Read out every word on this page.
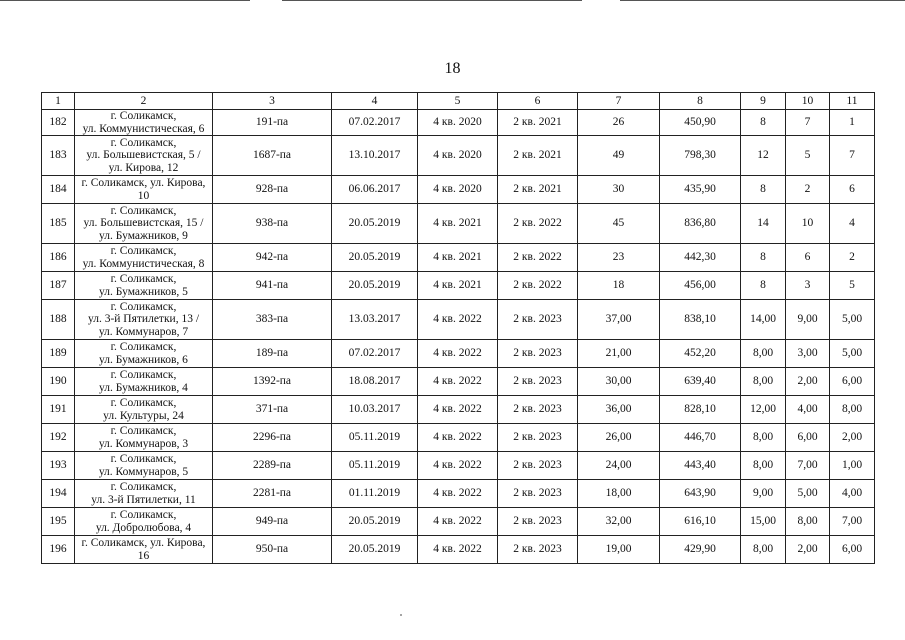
18
1	2	3	4	5	6	7	8	9	10	11
182	г. Соликамск,
ул. Коммунистическая, 6	191-па	07.02.2017	4 кв. 2020	2 кв. 2021	26	450,90	8	7	1
183	г. Соликамск,
ул. Большевистская, 5 /
ул. Кирова, 12	1687-па	13.10.2017	4 кв. 2020	2 кв. 2021	49	798,30	12	5	7
184	г. Соликамск, ул. Кирова,
10	928-па	06.06.2017	4 кв. 2020	2 кв. 2021	30	435,90	8	2	6
185	г. Соликамск,
ул. Большевистская, 15 /
ул. Бумажников, 9	938-па	20.05.2019	4 кв. 2021	2 кв. 2022	45	836,80	14	10	4
186	г. Соликамск,
ул. Коммунистическая, 8	942-па	20.05.2019	4 кв. 2021	2 кв. 2022	23	442,30	8	6	2
187	г. Соликамск,
ул. Бумажников, 5	941-па	20.05.2019	4 кв. 2021	2 кв. 2022	18	456,00	8	3	5
188	г. Соликамск,
ул. 3-й Пятилетки, 13 /
ул. Коммунаров, 7	383-па	13.03.2017	4 кв. 2022	2 кв. 2023	37,00	838,10	14,00	9,00	5,00
189	г. Соликамск,
ул. Бумажников, 6	189-па	07.02.2017	4 кв. 2022	2 кв. 2023	21,00	452,20	8,00	3,00	5,00
190	г. Соликамск,
ул. Бумажников, 4	1392-па	18.08.2017	4 кв. 2022	2 кв. 2023	30,00	639,40	8,00	2,00	6,00
191	г. Соликамск,
ул. Культуры, 24	371-па	10.03.2017	4 кв. 2022	2 кв. 2023	36,00	828,10	12,00	4,00	8,00
192	г. Соликамск,
ул. Коммунаров, 3	2296-па	05.11.2019	4 кв. 2022	2 кв. 2023	26,00	446,70	8,00	6,00	2,00
193	г. Соликамск,
ул. Коммунаров, 5	2289-па	05.11.2019	4 кв. 2022	2 кв. 2023	24,00	443,40	8,00	7,00	1,00
194	г. Соликамск,
ул. 3-й Пятилетки, 11	2281-па	01.11.2019	4 кв. 2022	2 кв. 2023	18,00	643,90	9,00	5,00	4,00
195	г. Соликамск,
ул. Добролюбова, 4	949-па	20.05.2019	4 кв. 2022	2 кв. 2023	32,00	616,10	15,00	8,00	7,00
196	г. Соликамск, ул. Кирова,
16	950-па	20.05.2019	4 кв. 2022	2 кв. 2023	19,00	429,90	8,00	2,00	6,00
